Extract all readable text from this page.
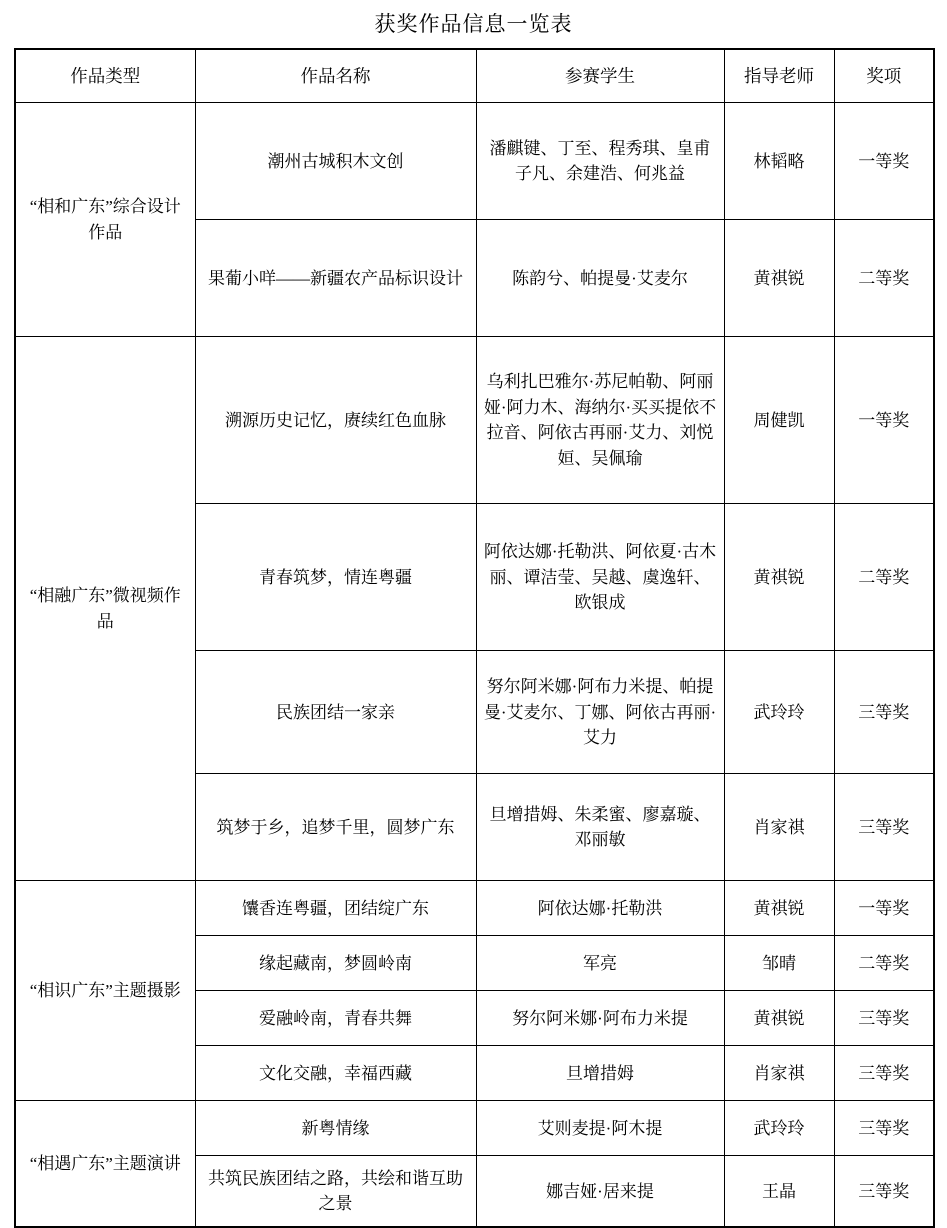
获奖作品信息一览表
作品类型	作品名称	参赛学生	指导老师	奖项
“相和广东”综合设计作品	潮州古城积木文创	潘麒键、丁至、程秀琪、皇甫子凡、余建浩、何兆益	林韬略	一等奖
	果葡小咩——新疆农产品标识设计	陈韵兮、帕提曼·艾麦尔	黄祺锐	二等奖
“相融广东”微视频作品	溯源历史记忆，赓续红色血脉	乌利扎巴雅尔·苏尼帕勒、阿丽娅·阿力木、海纳尔·买买提依不拉音、阿依古再丽·艾力、刘悦姮、吴佩瑜	周健凯	一等奖
	青春筑梦，情连粤疆	阿依达娜·托勒洪、阿依夏·古木丽、谭洁莹、吴越、虞逸轩、欧银成	黄祺锐	二等奖
	民族团结一家亲	努尔阿米娜·阿布力米提、帕提曼·艾麦尔、丁娜、阿依古再丽·艾力	武玲玲	三等奖
	筑梦于乡，追梦千里，圆梦广东	旦增措姆、朱柔蜜、廖嘉璇、邓丽敏	肖家祺	三等奖
“相识广东”主题摄影	馕香连粤疆，团结绽广东	阿依达娜·托勒洪	黄祺锐	一等奖
	缘起藏南，梦圆岭南	军亮	邹晴	二等奖
	爱融岭南，青春共舞	努尔阿米娜·阿布力米提	黄祺锐	三等奖
	文化交融，幸福西藏	旦增措姆	肖家祺	三等奖
“相遇广东”主题演讲	新粤情缘	艾则麦提·阿木提	武玲玲	三等奖
	共筑民族团结之路，共绘和谐互助之景	娜吉娅·居来提	王晶	三等奖
